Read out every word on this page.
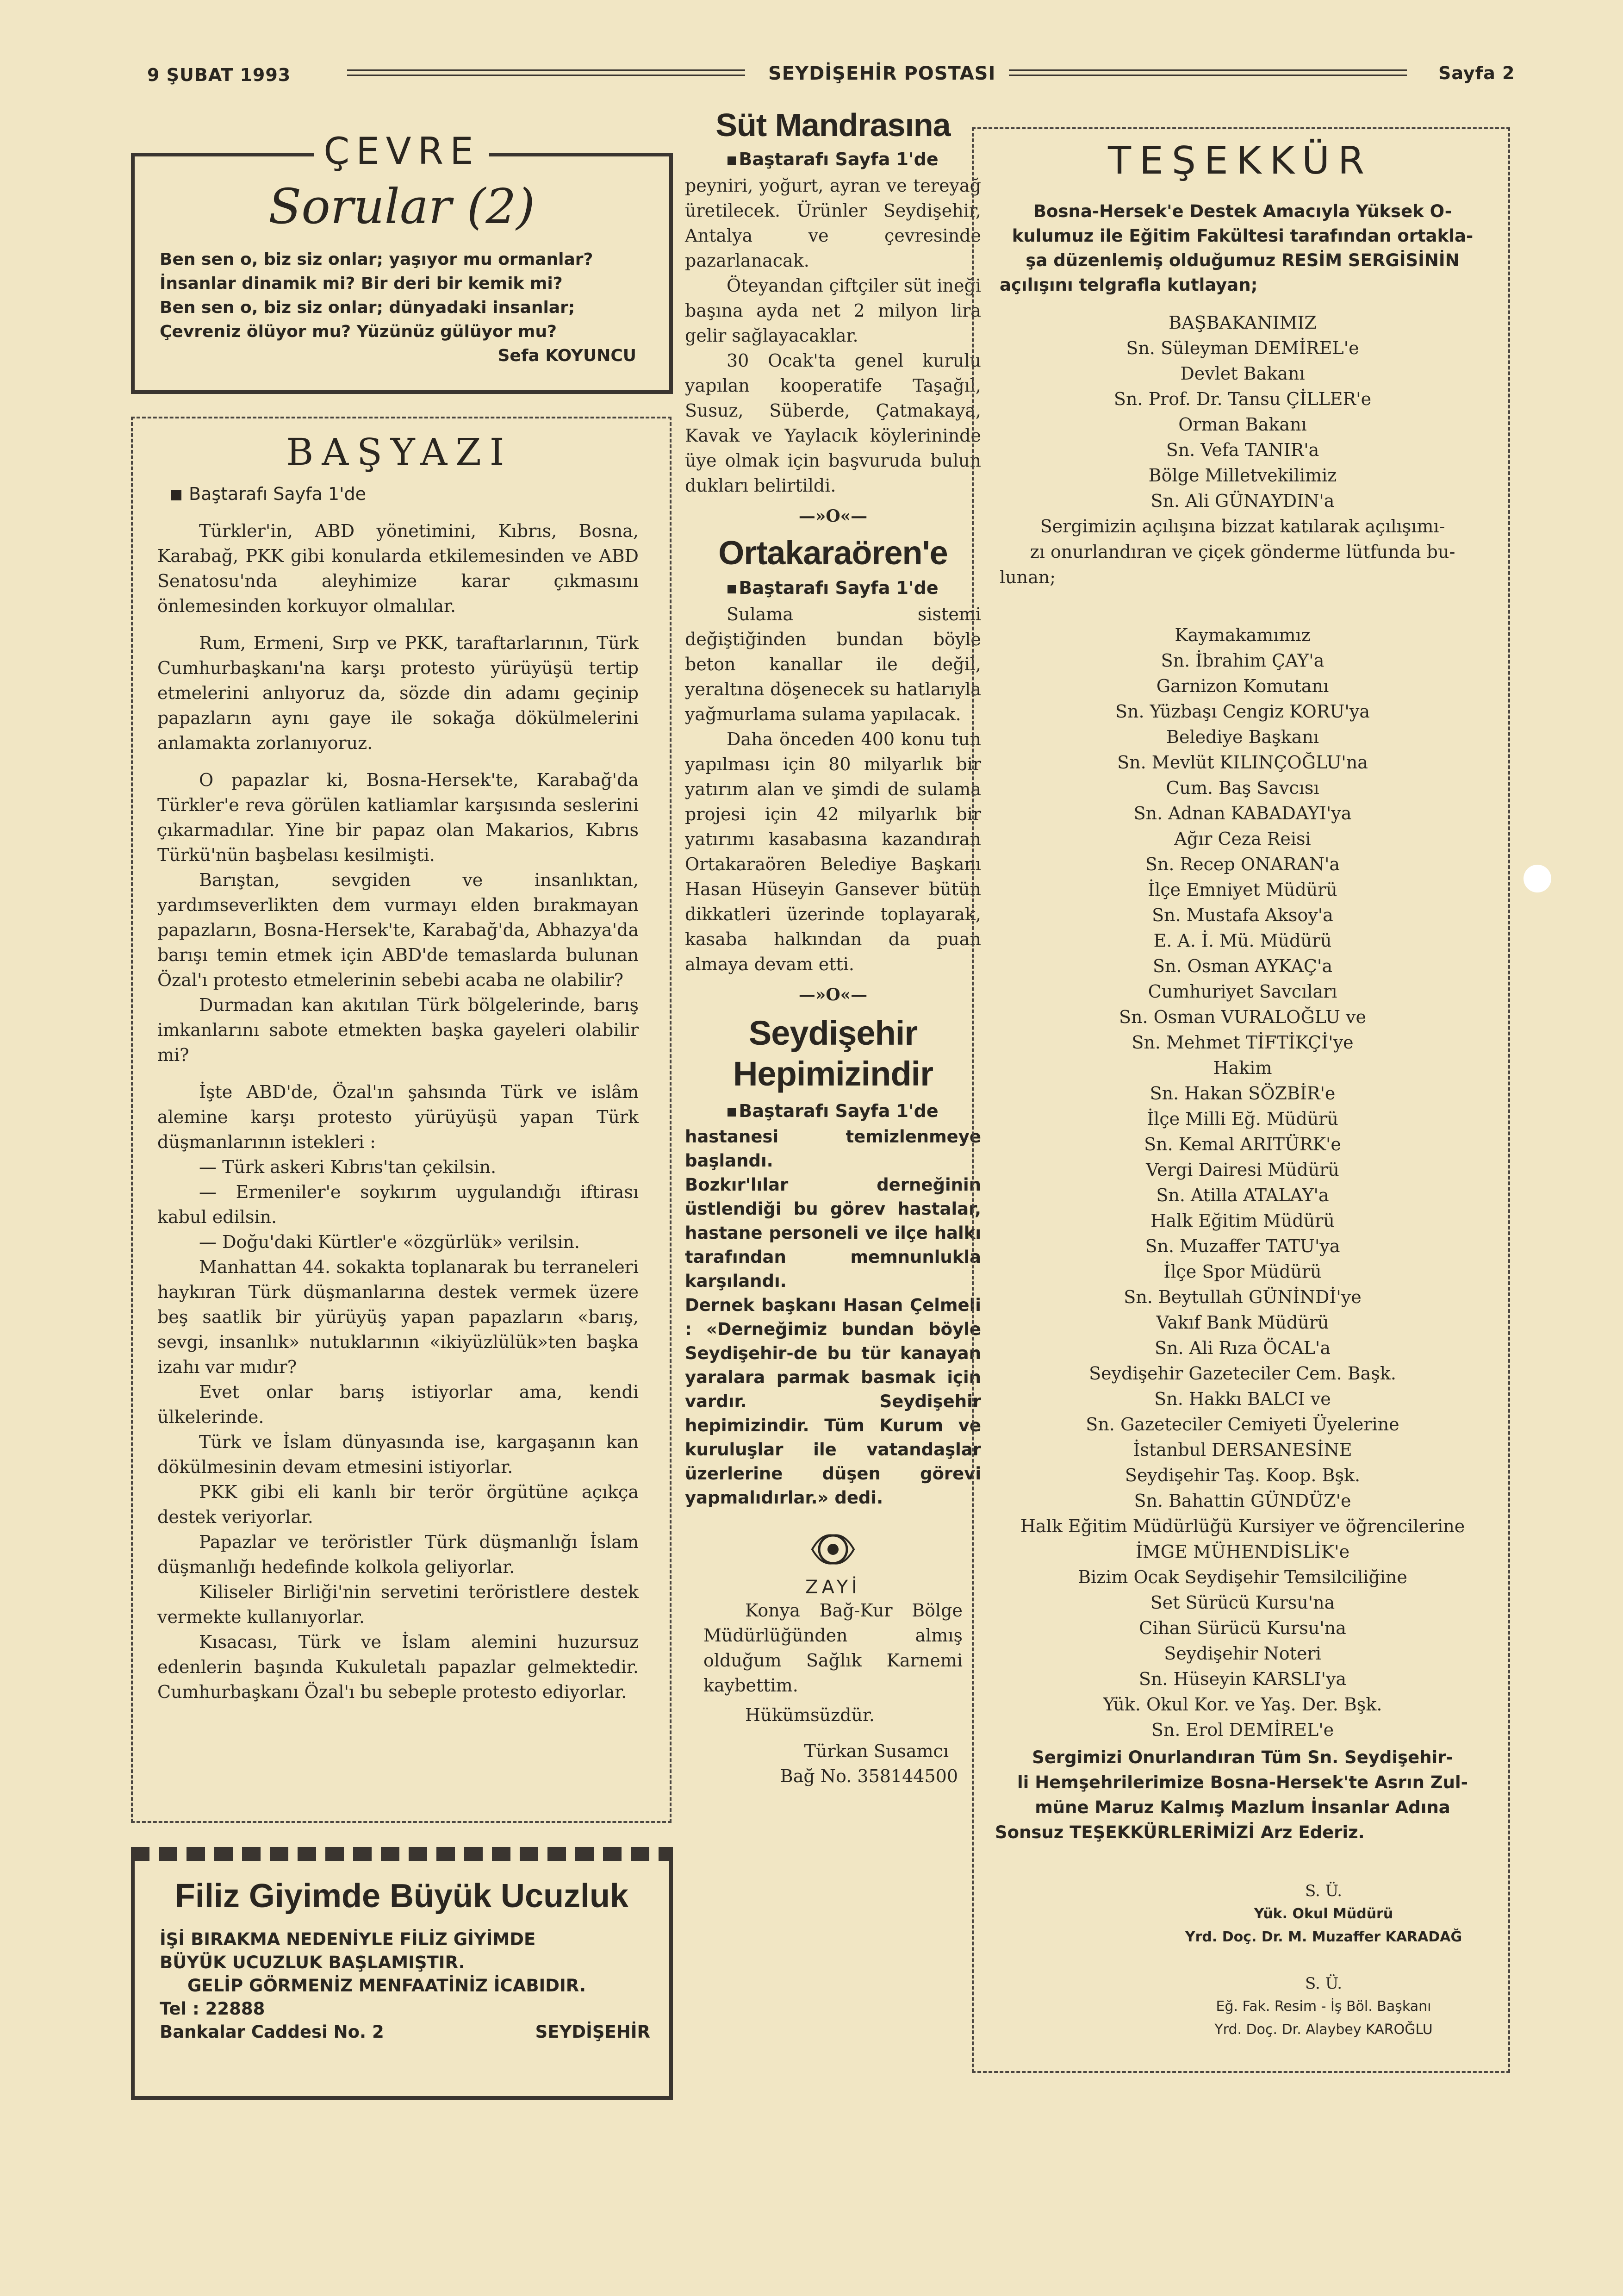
9 ŞUBAT 1993	SEYDİŞEHİR POSTASI	Sayfa 2
ÇEVRE
Sorular (2)
Ben sen o, biz siz onlar; yaşıyor mu ormanlar?
İnsanlar dinamik mi? Bir deri bir kemik mi?
Ben sen o, biz siz onlar; dünyadaki insanlar;
Çevreniz ölüyor mu? Yüzünüz gülüyor mu?
Sefa KOYUNCU
BAŞYAZI
Baştarafı Sayfa 1'de

Türkler'in, ABD yönetimini, Kıbrıs, Bosna, Karabağ, PKK gibi konularda etkilemesinden ve ABD Senatosu'nda aleyhimize karar çıkmasını önlemesinden korkuyor olmalılar.

Rum, Ermeni, Sırp ve PKK, taraftarlarının, Türk Cumhurbaşkanı'na karşı protesto yürüyüşü tertip etmelerini anlıyoruz da, sözde din adamı geçinip papazların aynı gaye ile sokağa dökülmelerini anlamakta zorlanıyoruz.

O papazlar ki, Bosna-Hersek'te, Karabağ'da Türkler'e reva görülen katliamlar karşısında seslerini çıkarmadılar. Yine bir papaz olan Makarios, Kıbrıs Türkü'nün başbelası kesilmişti.

Barıştan, sevgiden ve insanlıktan, yardımseverlikten dem vurmayı elden bırakmayan papazların, Bosna-Hersek'te, Karabağ'da, Abhazya'da barışı temin etmek için ABD'de temaslarda bulunan Özal'ı protesto etmelerinin sebebi acaba ne olabilir?

Durmadan kan akıtılan Türk bölgelerinde, barış imkanlarını sabote etmekten başka gayeleri olabilir mi?

İşte ABD'de, Özal'ın şahsında Türk ve islâm alemine karşı protesto yürüyüşü yapan Türk düşmanlarının istekleri :

— Türk askeri Kıbrıs'tan çekilsin.

— Ermeniler'e soykırım uygulandığı iftirası kabul edilsin.

— Doğu'daki Kürtler'e «özgürlük» verilsin.

Manhattan 44. sokakta toplanarak bu terraneleri haykıran Türk düşmanlarına destek vermek üzere beş saatlik bir yürüyüş yapan papazların «barış, sevgi, insanlık» nutuklarının «ikiyüzlülük»ten başka izahı var mıdır?

Evet onlar barış istiyorlar ama, kendi ülkelerinde.

Türk ve İslam dünyasında ise, kargaşanın kan dökülmesinin devam etmesini istiyorlar.

PKK gibi eli kanlı bir terör örgütüne açıkça destek veriyorlar.

Papazlar ve teröristler Türk düşmanlığı İslam düşmanlığı hedefinde kolkola geliyorlar.

Kiliseler Birliği'nin servetini teröristlere destek vermekte kullanıyorlar.

Kısacası, Türk ve İslam alemini huzursuz edenlerin başında Kukuletalı papazlar gelmektedir. Cumhurbaşkanı Özal'ı bu sebeple protesto ediyorlar.

Filiz Giyimde Büyük Ucuzluk
İŞİ BIRAKMA NEDENİYLE FİLİZ GİYİMDE
BÜYÜK UCUZLUK BAŞLAMIŞTIR.
GELİP GÖRMENİZ MENFAATİNİZ İCABIDIR.
Tel : 22888
Bankalar Caddesi No. 2	SEYDİŞEHİR
Süt Mandrasına
Baştarafı Sayfa 1'de

peyniri, yoğurt, ayran ve tereyağ üretilecek. Ürünler Seydişehir, Antalya ve çevresinde pazarlanacak.

Öteyandan çiftçiler süt ineği başına ayda net 2 milyon lira gelir sağlayacaklar.

30 Ocak'ta genel kurulu yapılan kooperatife Taşağıl, Susuz, Süberde, Çatmakaya, Kavak ve Yaylacık köylerininde üye olmak için başvuruda bulun dukları belirtildi.

—»O«—
Ortakaraören'e
Baştarafı Sayfa 1'de

Sulama sistemi değiştiğinden bundan böyle beton kanallar ile değil, yeraltına döşenecek su hatlarıyla yağmurlama sulama yapılacak.

Daha önceden 400 konu tun yapılması için 80 milyarlık bir yatırım alan ve şimdi de sulama projesi için 42 milyarlık bir yatırımı kasabasına kazandıran Ortakaraören Belediye Başkanı Hasan Hüseyin Gansever bütün dikkatleri üzerinde toplayarak, kasaba halkından da puan almaya devam etti.

—»O«—
Seydişehir
Hepimizindir
Baştarafı Sayfa 1'de

hastanesi temizlenmeye başlandı.

Bozkır'lılar derneğinin üstlendiği bu görev hastalar, hastane personeli ve ilçe halkı tarafından memnunlukla karşılandı.

Dernek başkanı Hasan Çelmeli : «Derneğimiz bundan böyle Seydişehir-de bu tür kanayan yaralara parmak basmak için vardır. Seydişehir hepimizindir. Tüm Kurum ve kuruluşlar ile vatandaşlar üzerlerine düşen görevi yapmalıdırlar.» dedi.

ZAYİ

Konya Bağ-Kur Bölge Müdürlüğünden almış olduğum Sağlık Karnemi kaybettim.

Hükümsüzdür.

Türkan Susamcı

Bağ No. 358144500

TEŞEKKÜR
Bosna-Hersek'e Destek Amacıyla Yüksek O-
kulumuz ile Eğitim Fakültesi tarafından ortakla-
şa düzenlemiş olduğumuz RESİM SERGİSİNİN
açılışını telgrafla kutlayan;

BAŞBAKANIMIZ

Sn. Süleyman DEMİREL'e

Devlet Bakanı

Sn. Prof. Dr. Tansu ÇİLLER'e

Orman Bakanı

Sn. Vefa TANIR'a

Bölge Milletvekilimiz

Sn. Ali GÜNAYDIN'a

Sergimizin açılışına bizzat katılarak açılışımı-

zı onurlandıran ve çiçek gönderme lütfunda bu-

lunan;

Kaymakamımız

Sn. İbrahim ÇAY'a

Garnizon Komutanı

Sn. Yüzbaşı Cengiz KORU'ya

Belediye Başkanı

Sn. Mevlüt KILINÇOĞLU'na

Cum. Baş Savcısı

Sn. Adnan KABADAYI'ya

Ağır Ceza Reisi

Sn. Recep ONARAN'a

İlçe Emniyet Müdürü

Sn. Mustafa Aksoy'a

E. A. İ. Mü. Müdürü

Sn. Osman AYKAÇ'a

Cumhuriyet Savcıları

Sn. Osman VURALOĞLU ve

Sn. Mehmet TİFTİKÇİ'ye

Hakim

Sn. Hakan SÖZBİR'e

İlçe Milli Eğ. Müdürü

Sn. Kemal ARITÜRK'e

Vergi Dairesi Müdürü

Sn. Atilla ATALAY'a

Halk Eğitim Müdürü

Sn. Muzaffer TATU'ya

İlçe Spor Müdürü

Sn. Beytullah GÜNİNDİ'ye

Vakıf Bank Müdürü

Sn. Ali Rıza ÖCAL'a

Seydişehir Gazeteciler Cem. Başk.

Sn. Hakkı BALCI ve

Sn. Gazeteciler Cemiyeti Üyelerine

İstanbul DERSANESİNE

Seydişehir Taş. Koop. Bşk.

Sn. Bahattin GÜNDÜZ'e

Halk Eğitim Müdürlüğü Kursiyer ve öğrencilerine

İMGE MÜHENDİSLİK'e

Bizim Ocak Seydişehir Temsilciliğine

Set Sürücü Kursu'na

Cihan Sürücü Kursu'na

Seydişehir Noteri

Sn. Hüseyin KARSLI'ya

Yük. Okul Kor. ve Yaş. Der. Bşk.

Sn. Erol DEMİREL'e

Sergimizi Onurlandıran Tüm Sn. Seydişehir-
li Hemşehrilerimize Bosna-Hersek'te Asrın Zul-
müne Maruz Kalmış Mazlum İnsanlar Adına
Sonsuz TEŞEKKÜRLERİMİZİ Arz Ederiz.
S. Ü.
Yük. Okul Müdürü
Yrd. Doç. Dr. M. Muzaffer KARADAĞ
S. Ü.
Eğ. Fak. Resim - İş Böl. Başkanı
Yrd. Doç. Dr. Alaybey KAROĞLU
